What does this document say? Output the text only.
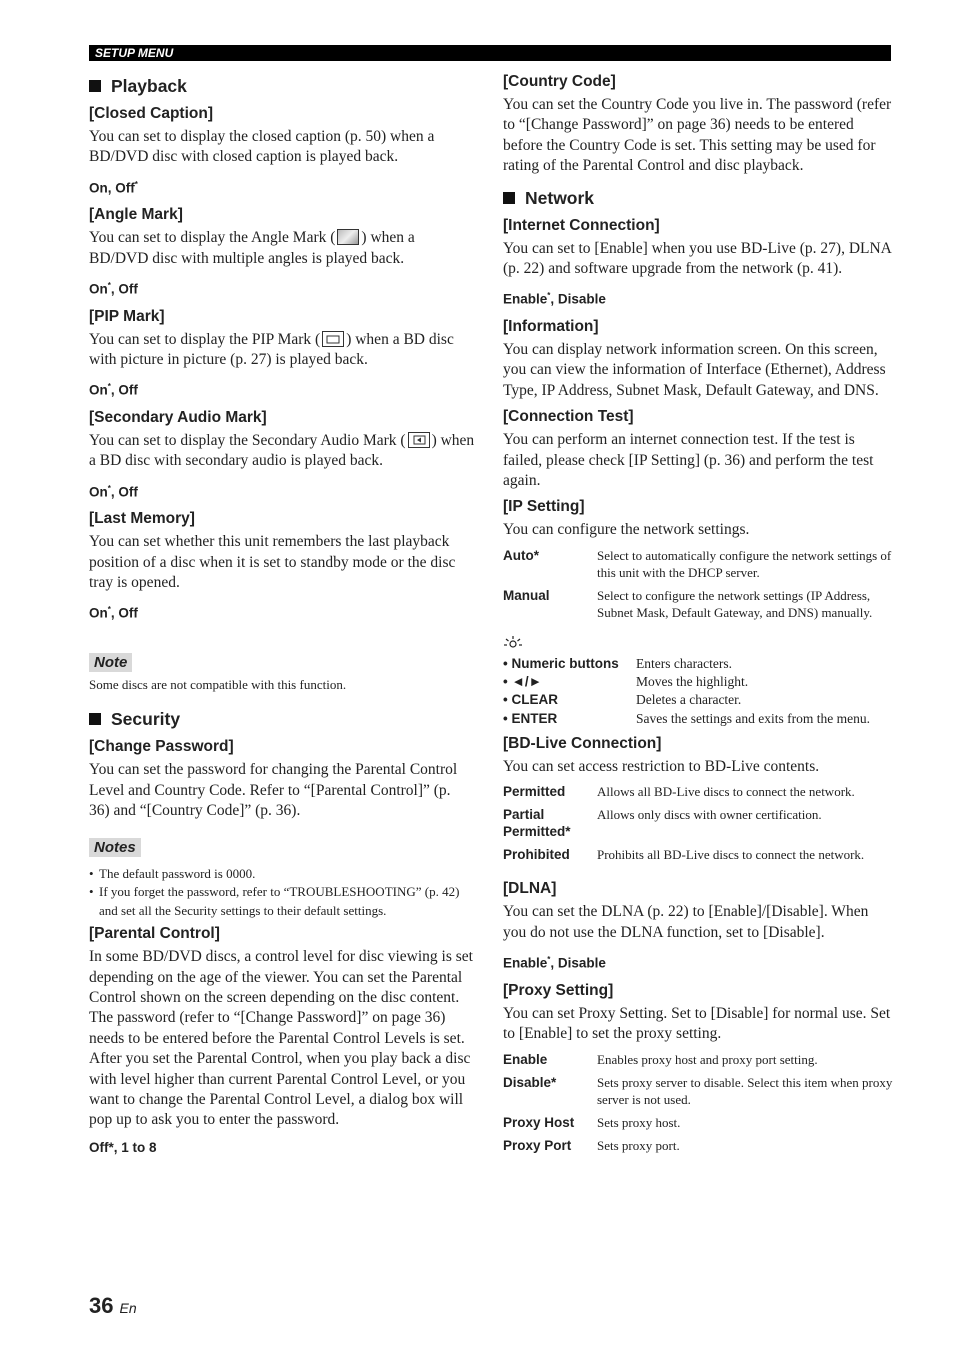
SETUP MENU
Playback
[Closed Caption]

You can set to display the closed caption (p. 50) when a BD/DVD disc with closed caption is played back.

On, Off*
[Angle Mark]

You can set to display the Angle Mark ( ) when a BD/DVD disc with multiple angles is played back.

On*, Off
[PIP Mark]

You can set to display the PIP Mark ( ) when a BD disc with picture in picture (p. 27) is played back.

On*, Off
[Secondary Audio Mark]

You can set to display the Secondary Audio Mark ( ) when a BD disc with secondary audio is played back.

On*, Off
[Last Memory]

You can set whether this unit remembers the last playback position of a disc when it is set to standby mode or the disc tray is opened.

On*, Off
Note
Some discs are not compatible with this function.
Security
[Change Password]

You can set the password for changing the Parental Control Level and Country Code. Refer to “[Parental Control]” (p. 36) and “[Country Code]” (p. 36).

Notes
• The default password is 0000.
• If you forget the password, refer to “TROUBLESHOOTING” (p. 42) and set all the Security settings to their default settings.
[Parental Control]

In some BD/DVD discs, a control level for disc viewing is set depending on the age of the viewer. You can set the Parental Control shown on the screen depending on the disc content.

The password (refer to “[Change Password]” on page 36) needs to be entered before the Parental Control Levels is set.

After you set the Parental Control, when you play back a disc with level higher than current Parental Control Level, or you want to change the Parental Control Level, a dialog box will pop up to ask you to enter the password.

Off*, 1 to 8
[Country Code]

You can set the Country Code you live in. The password (refer to “[Change Password]” on page 36) needs to be entered before the Country Code is set. This setting may be used for rating of the Parental Control and disc playback.

Network
[Internet Connection]

You can set to [Enable] when you use BD-Live (p. 27), DLNA (p. 22) and software upgrade from the network (p. 41).

Enable*, Disable
[Information]

You can display network information screen. On this screen, you can view the information of Interface (Ethernet), Address Type, IP Address, Subnet Mask, Default Gateway, and DNS.

[Connection Test]

You can perform an internet connection test. If the test is failed, please check [IP Setting] (p. 36) and perform the test again.

[IP Setting]

You can configure the network settings.

Auto*	Select to automatically configure the network settings of this unit with the DHCP server.
Manual	Select to configure the network settings (IP Address, Subnet Mask, Default Gateway, and DNS) manually.
• Numeric buttons	Enters characters.
• ◄/►	Moves the highlight.
• CLEAR	Deletes a character.
• ENTER	Saves the settings and exits from the menu.
[BD-Live Connection]

You can set access restriction to BD-Live contents.

Permitted	Allows all BD-Live discs to connect the network.
Partial Permitted*	Allows only discs with owner certification.
Prohibited	Prohibits all BD-Live discs to connect the network.
[DLNA]

You can set the DLNA (p. 22) to [Enable]/[Disable]. When you do not use the DLNA function, set to [Disable].

Enable*, Disable
[Proxy Setting]

You can set Proxy Setting. Set to [Disable] for normal use. Set to [Enable] to set the proxy setting.

Enable	Enables proxy host and proxy port setting.
Disable*	Sets proxy server to disable. Select this item when proxy server is not used.
Proxy Host	Sets proxy host.
Proxy Port	Sets proxy port.
36 En
